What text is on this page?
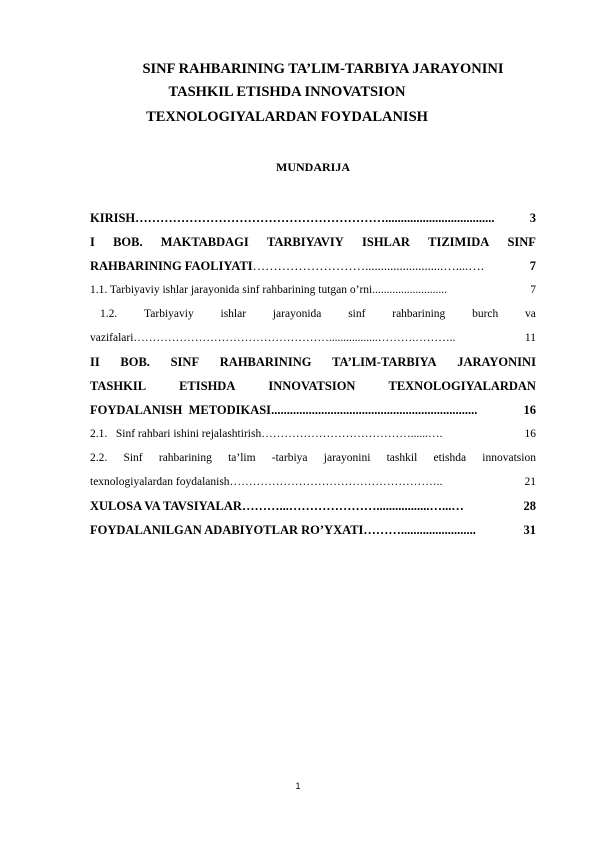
SINF RAHBARINING TA’LIM-TARBIYA JARAYONINI
TASHKIL ETISHDA INNOVATSION
TEXNOLOGIYALARDAN FOYDALANISH
MUNDARIJA
KIRISH ……………………………………………………...................................	3
I BOB. MAKTABDAGI TARBIYAVIY ISHLAR TIZIMIDA SINF
RAHBARINING FAOLIYATI ……………………….........................…....….	7
1.1. Tarbiyaviy ishlar jarayonida sinf rahbarining tutgan o’rni ..........................	7
1.2. Tarbiyaviy ishlar jarayonida sinf rahbarining burch va
vazifalari …………………………………………….................……….………..	11
II BOB. SINF RAHBARINING TA’LIM-TARBIYA JARAYONINI
TASHKIL	ETISHDA	INNOVATSION	TEXNOLOGIYALARDAN
FOYDALANISH  METODIKASI ..................................................................	16
2.1.   Sinf rahbari ishini rejalashtirish …………………………………......….	16
2.2. Sinf rahbarining ta’lim -tarbiya jarayonini tashkil etishda innovatsion
texnologiyalardan foydalanish ………………………………………………..	21
XULOSA VA TAVSIYALAR ………...………………….................…...…	28
FOYDALANILGAN ADABIYOTLAR RO’YXATI ………........................	31
1
